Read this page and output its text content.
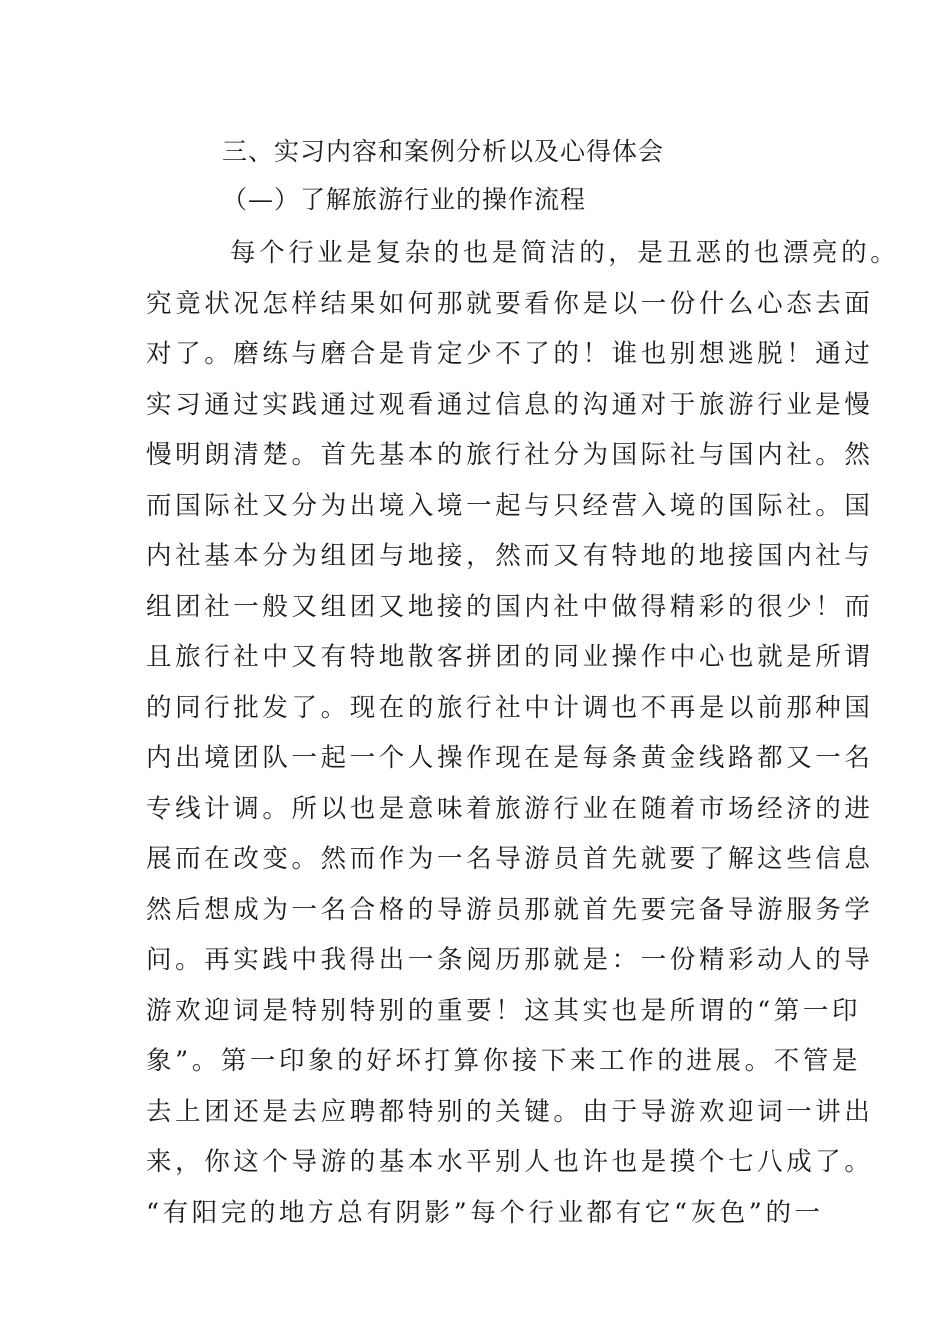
三、实习内容和案例分析以及心得体会
（—）了解旅游行业的操作流程
每个行业是复杂的也是简洁的，是丑恶的也漂亮的。
究竟状况怎样结果如何那就要看你是以一份什么心态去面
对了。磨练与磨合是肯定少不了的！谁也别想逃脱！通过
实习通过实践通过观看通过信息的沟通对于旅游行业是慢
慢明朗清楚。首先基本的旅行社分为国际社与国内社。然
而国际社又分为出境入境一起与只经营入境的国际社。国
内社基本分为组团与地接，然而又有特地的地接国内社与
组团社一般又组团又地接的国内社中做得精彩的很少！而
且旅行社中又有特地散客拼团的同业操作中心也就是所谓
的同行批发了。现在的旅行社中计调也不再是以前那种国
内出境团队一起一个人操作现在是每条黄金线路都又一名
专线计调。所以也是意味着旅游行业在随着市场经济的进
展而在改变。然而作为一名导游员首先就要了解这些信息
然后想成为一名合格的导游员那就首先要完备导游服务学
问。再实践中我得出一条阅历那就是：一份精彩动人的导
游欢迎词是特别特别的重要！这其实也是所谓的“第一印
象”。第一印象的好坏打算你接下来工作的进展。不管是
去上团还是去应聘都特别的关键。由于导游欢迎词一讲出
来，你这个导游的基本水平别人也许也是摸个七八成了。
“有阳完的地方总有阴影”每个行业都有它“灰色”的一
